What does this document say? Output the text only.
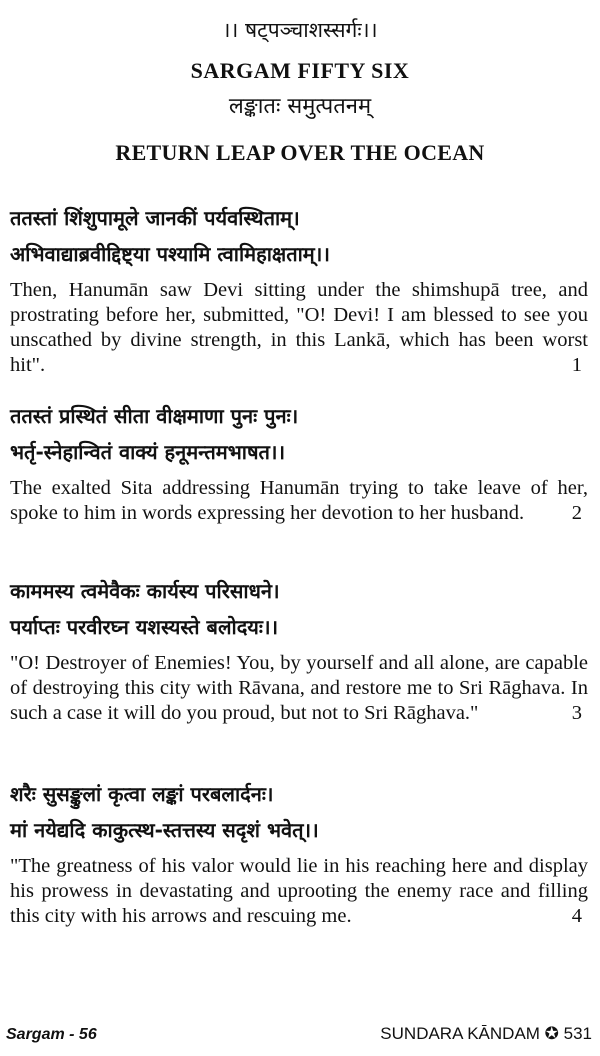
।। षट्पञ्चाशस्सर्गः।।
SARGAM FIFTY SIX
लङ्कातः समुत्पतनम्
RETURN LEAP OVER THE OCEAN
ततस्तां शिंशुपामूले जानकीं पर्यवस्थिताम्।
अभिवाद्याब्रवीद्दिष्ट्या पश्यामि त्वामिहाक्षताम्।।
Then, Hanumān saw Devi sitting under the shimshupā tree, and prostrating before her, submitted, "O! Devi! I am blessed to see you unscathed by divine strength, in this Lankā, which has been worst hit".	1
ततस्तं प्रस्थितं सीता वीक्षमाणा पुनः पुनः।
भर्तृ-स्नेहान्वितं वाक्यं हनूमन्तमभाषत।।
The exalted Sita addressing Hanumān trying to take leave of her, spoke to him in words expressing her devotion to her husband. 2
काममस्य त्वमेवैकः कार्यस्य परिसाधने।
पर्याप्तः परवीरघ्न यशस्यस्ते बलोदयः।।
"O! Destroyer of Enemies! You, by yourself and all alone, are capable of destroying this city with Rāvana, and restore me to Sri Rāghava. In such a case it will do you proud, but not to Sri Rāghava."	3
शरैः सुसङ्कुलां कृत्वा लङ्कां परबलार्दनः।
मां नयेद्यदि काकुत्स्थ-स्तत्तस्य सदृशं भवेत्।।
"The greatness of his valor would lie in his reaching here and display his prowess in devastating and uprooting the enemy race and filling this city with his arrows and rescuing me.	4
Sargam - 56	SUNDARA KĀNDAM ✪ 531
